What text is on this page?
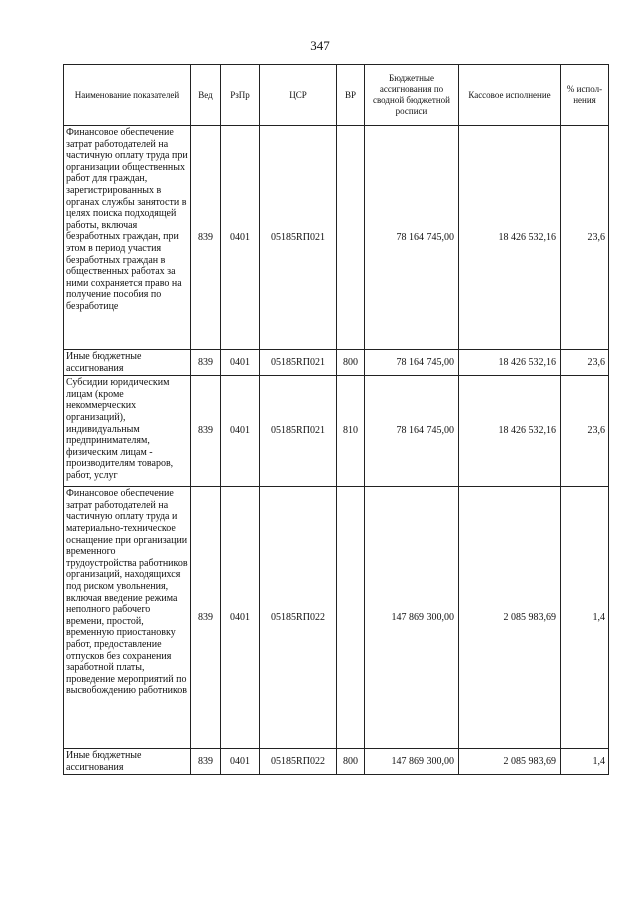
347
Наименование показателей	Вед	РзПр	ЦСР	ВР	Бюджетные ассигнования по сводной бюджетной росписи	Кассовое исполнение	% испол-нения
Финансовое обеспечение затрат работодателей на частичную оплату труда при организации общественных работ для граждан, зарегистрированных в органах службы занятости в целях поиска подходящей работы, включая безработных граждан, при этом в период участия безработных граждан в общественных работах за ними сохраняется право на получение пособия по безработице	839	0401	05185RП021		78 164 745,00	18 426 532,16	23,6
Иные бюджетные ассигнования	839	0401	05185RП021	800	78 164 745,00	18 426 532,16	23,6
Субсидии юридическим лицам (кроме некоммерческих организаций), индивидуальным предпринимателям, физическим лицам - производителям товаров, работ, услуг	839	0401	05185RП021	810	78 164 745,00	18 426 532,16	23,6
Финансовое обеспечение затрат работодателей на частичную оплату труда и материально-техническое оснащение при организации временного трудоустройства работников организаций, находящихся под риском увольнения, включая введение режима неполного рабочего времени, простой, временную приостановку работ, предоставление отпусков без сохранения заработной платы, проведение мероприятий по высвобождению работников	839	0401	05185RП022		147 869 300,00	2 085 983,69	1,4
Иные бюджетные ассигнования	839	0401	05185RП022	800	147 869 300,00	2 085 983,69	1,4
